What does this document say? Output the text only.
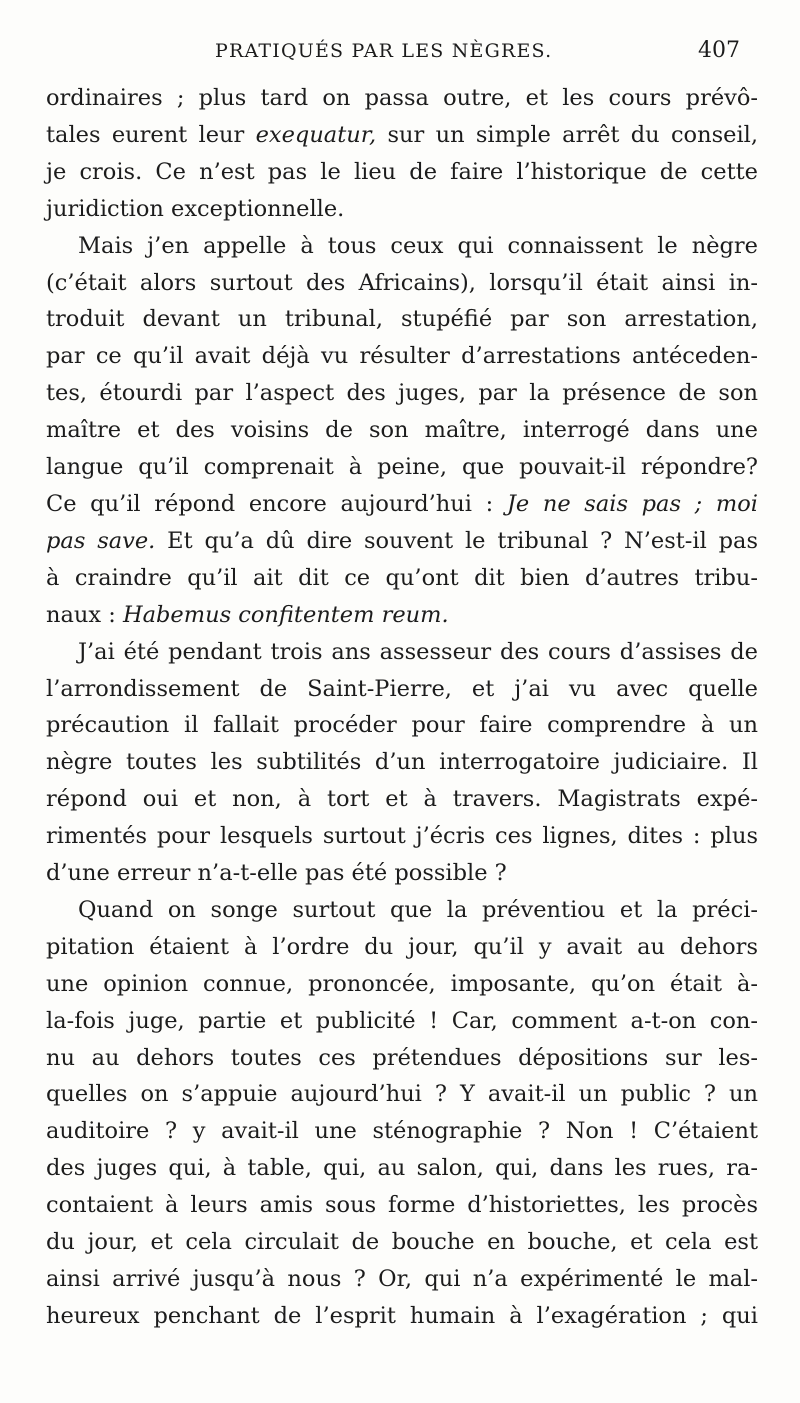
PRATIQUÉS PAR LES NÈGRES.	407
ordinaires ; plus tard on passa outre, et les cours prévô-
tales eurent leur exequatur, sur un simple arrêt du conseil,
je crois. Ce n’est pas le lieu de faire l’historique de cette
juridiction exceptionnelle.
Mais j’en appelle à tous ceux qui connaissent le nègre
(c’était alors surtout des Africains), lorsqu’il était ainsi in-
troduit devant un tribunal, stupéfié par son arrestation,
par ce qu’il avait déjà vu résulter d’arrestations antéceden-
tes, étourdi par l’aspect des juges, par la présence de son
maître et des voisins de son maître, interrogé dans une
langue qu’il comprenait à peine, que pouvait-il répondre?
Ce qu’il répond encore aujourd’hui : Je ne sais pas ; moi
pas save. Et qu’a dû dire souvent le tribunal ? N’est-il pas
à craindre qu’il ait dit ce qu’ont dit bien d’autres tribu-
naux : Habemus confitentem reum.
J’ai été pendant trois ans assesseur des cours d’assises de
l’arrondissement de Saint-Pierre, et j’ai vu avec quelle
précaution il fallait procéder pour faire comprendre à un
nègre toutes les subtilités d’un interrogatoire judiciaire. Il
répond oui et non, à tort et à travers. Magistrats expé-
rimentés pour lesquels surtout j’écris ces lignes, dites : plus
d’une erreur n’a-t-elle pas été possible ?
Quand on songe surtout que la préventiou et la préci-
pitation étaient à l’ordre du jour, qu’il y avait au dehors
une opinion connue, prononcée, imposante, qu’on était à-
la-fois juge, partie et publicité ! Car, comment a-t-on con-
nu au dehors toutes ces prétendues dépositions sur les-
quelles on s’appuie aujourd’hui ? Y avait-il un public ? un
auditoire ? y avait-il une sténographie ? Non ! C’étaient
des juges qui, à table, qui, au salon, qui, dans les rues, ra-
contaient à leurs amis sous forme d’historiettes, les procès
du jour, et cela circulait de bouche en bouche, et cela est
ainsi arrivé jusqu’à nous ? Or, qui n’a expérimenté le mal-
heureux penchant de l’esprit humain à l’exagération ; qui
